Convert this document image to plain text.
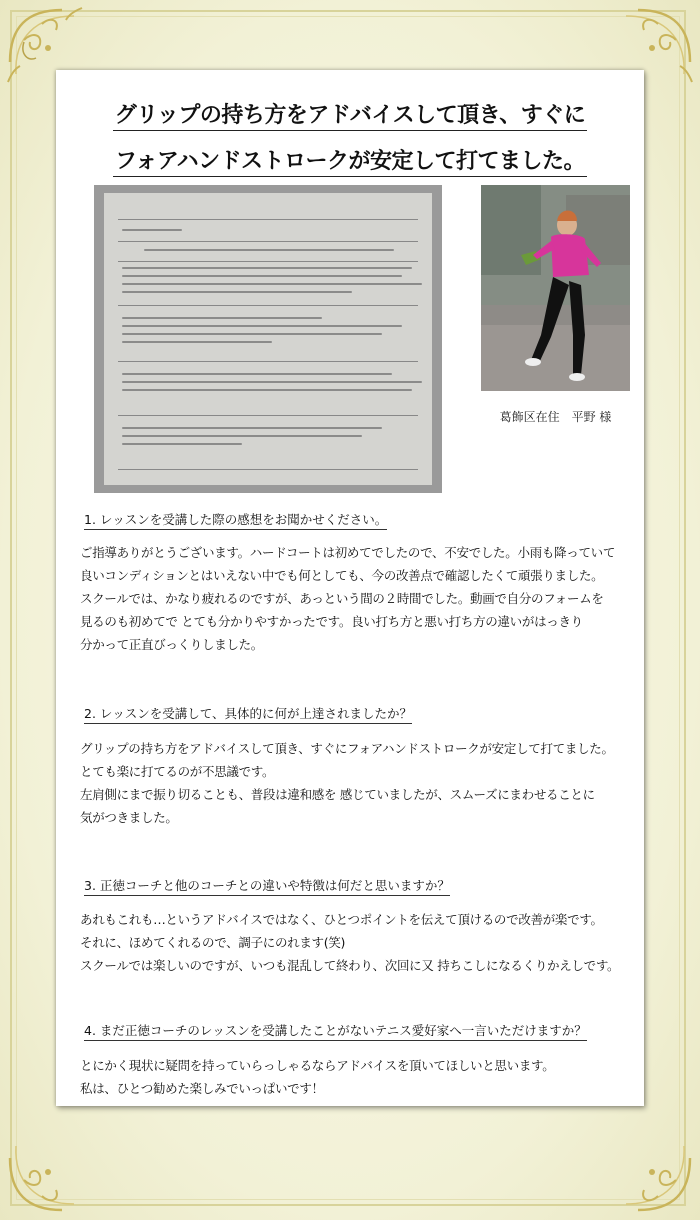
グリップの持ち方をアドバイスして頂き、すぐに
フォアハンドストロークが安定して打てました。
葛飾区在住　平野 様
1. レッスンを受講した際の感想をお聞かせください。
ご指導ありがとうございます。ハードコートは初めてでしたので、不安でした。小雨も降っていて
良いコンディションとはいえない中でも何としても、今の改善点で確認したくて頑張りました。
スクールでは、かなり疲れるのですが、あっという間の２時間でした。動画で自分のフォームを
見るのも初めてで とても分かりやすかったです。良い打ち方と悪い打ち方の違いがはっきり
分かって正直びっくりしました。
2. レッスンを受講して、具体的に何が上達されましたか？
グリップの持ち方をアドバイスして頂き、すぐにフォアハンドストロークが安定して打てました。
とても楽に打てるのが不思議です。
左肩側にまで振り切ることも、普段は違和感を 感じていましたが、スムーズにまわせることに
気がつきました。
3. 正徳コーチと他のコーチとの違いや特徴は何だと思いますか？
あれもこれも…というアドバイスではなく、ひとつポイントを伝えて頂けるので改善が楽です。
それに、ほめてくれるので、調子にのれます(笑)
スクールでは楽しいのですが、いつも混乱して終わり、次回に又 持ちこしになるくりかえしです。
4. まだ正徳コーチのレッスンを受講したことがないテニス愛好家へ一言いただけますか？
とにかく現状に疑問を持っていらっしゃるならアドバイスを頂いてほしいと思います。
私は、ひとつ勧めた楽しみでいっぱいです！
